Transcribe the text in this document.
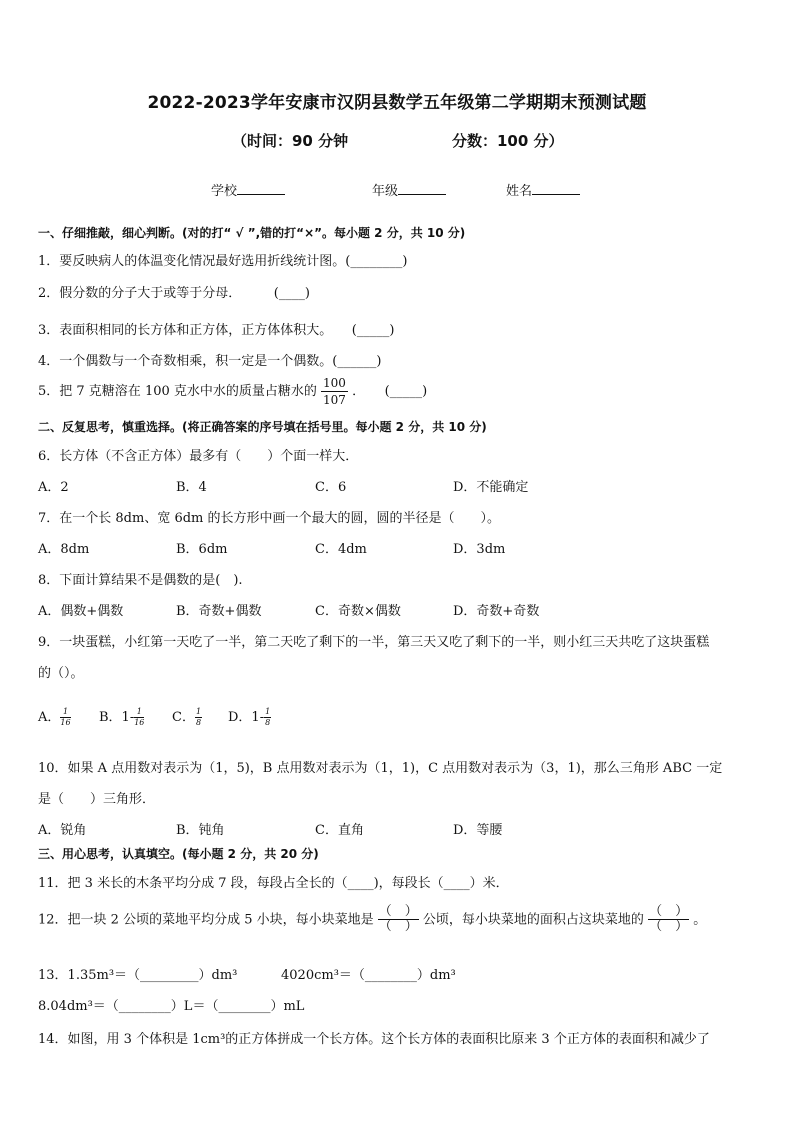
2022-2023学年安康市汉阴县数学五年级第二学期期末预测试题
（时间：90 分钟	分数：100 分）
学校	年级	姓名
一、仔细推敲，细心判断。(对的打“ √ ”,错的打“×”。每小题 2 分，共 10 分)
1．要反映病人的体温变化情况最好选用折线统计图。(________)
2．假分数的分子大于或等于分母．　　　(____)
3．表面积相同的长方体和正方体，正方体体积大。　　(_____)
4．一个偶数与一个奇数相乘，积一定是一个偶数。(______)
5．把 7 克糖溶在 100 克水中水的质量占糖水的 $\frac{100}{107}$ ．　　(_____)
二、反复思考，慎重选择。(将正确答案的序号填在括号里。每小题 2 分，共 10 分)
6．长方体（不含正方体）最多有（　　）个面一样大．
A．2	B．4	C．6	D．不能确定
7．在一个长 8dm、宽 6dm 的长方形中画一个最大的圆，圆的半径是（　　）。
A．8dm	B．6dm	C．4dm	D．3dm
8．下面计算结果不是偶数的是(　).
A．偶数+偶数	B．奇数+偶数	C．奇数×偶数	D．奇数+奇数
9．一块蛋糕，小红第一天吃了一半，第二天吃了剩下的一半，第三天又吃了剩下的一半，则小红三天共吃了这块蛋糕
的（）。
A． $\frac{1}{16}$ B．$1- \frac{1}{16}$ C． $\frac{1}{8}$ D．$1- \frac{1}{8}$
10．如果 A 点用数对表示为（1，5)，B 点用数对表示为（1，1)，C 点用数对表示为（3，1)，那么三角形 ABC 一定
是（　　）三角形．
A．锐角	B．钝角	C．直角	D．等腰
三、用心思考，认真填空。(每小题 2 分，共 20 分)
11．把 3 米长的木条平均分成 7 段，每段占全长的（____)，每段长（____）米．
12．把一块 2 公顷的菜地平均分成 5 小块，每小块菜地是 $\frac{( )}{( )}$ 公顷，每小块菜地的面积占这块菜地的 $\frac{( )}{( )}$ 。
13．1.35m³＝（_________）dm³	4020cm³＝（________）dm³
8.04dm³＝（________）L＝（________）mL
14．如图，用 3 个体积是 1cm³的正方体拼成一个长方体。这个长方体的表面积比原来 3 个正方体的表面积和减少了
